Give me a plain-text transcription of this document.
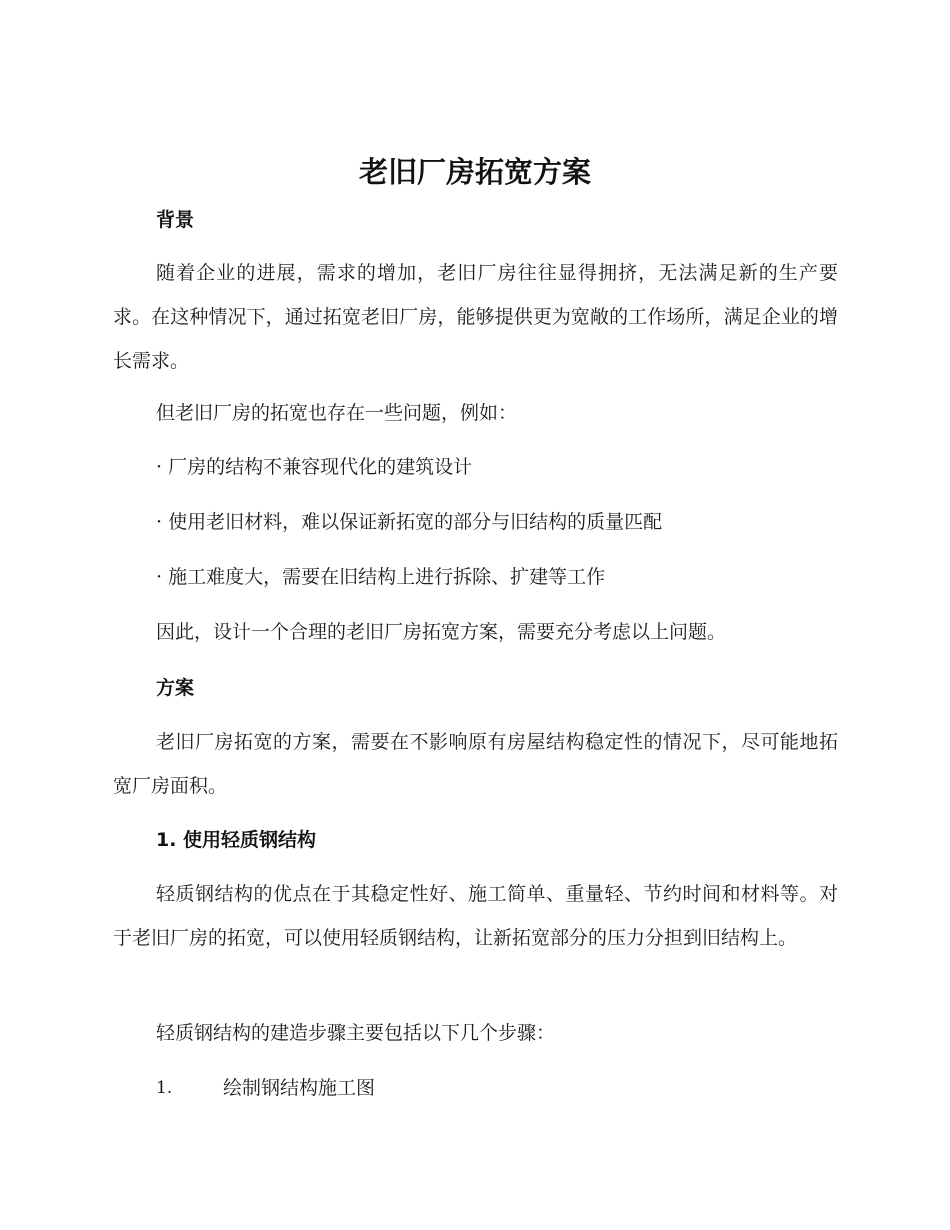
老旧厂房拓宽方案
背景
随着企业的进展，需求的增加，老旧厂房往往显得拥挤，无法满足新的生产要求。在这种情况下，通过拓宽老旧厂房，能够提供更为宽敞的工作场所，满足企业的增长需求。
但老旧厂房的拓宽也存在一些问题，例如：
· 厂房的结构不兼容现代化的建筑设计
· 使用老旧材料，难以保证新拓宽的部分与旧结构的质量匹配
· 施工难度大，需要在旧结构上进行拆除、扩建等工作
因此，设计一个合理的老旧厂房拓宽方案，需要充分考虑以上问题。
方案
老旧厂房拓宽的方案，需要在不影响原有房屋结构稳定性的情况下，尽可能地拓宽厂房面积。
1. 使用轻质钢结构
轻质钢结构的优点在于其稳定性好、施工简单、重量轻、节约时间和材料等。对于老旧厂房的拓宽，可以使用轻质钢结构，让新拓宽部分的压力分担到旧结构上。
轻质钢结构的建造步骤主要包括以下几个步骤：
1.	绘制钢结构施工图
